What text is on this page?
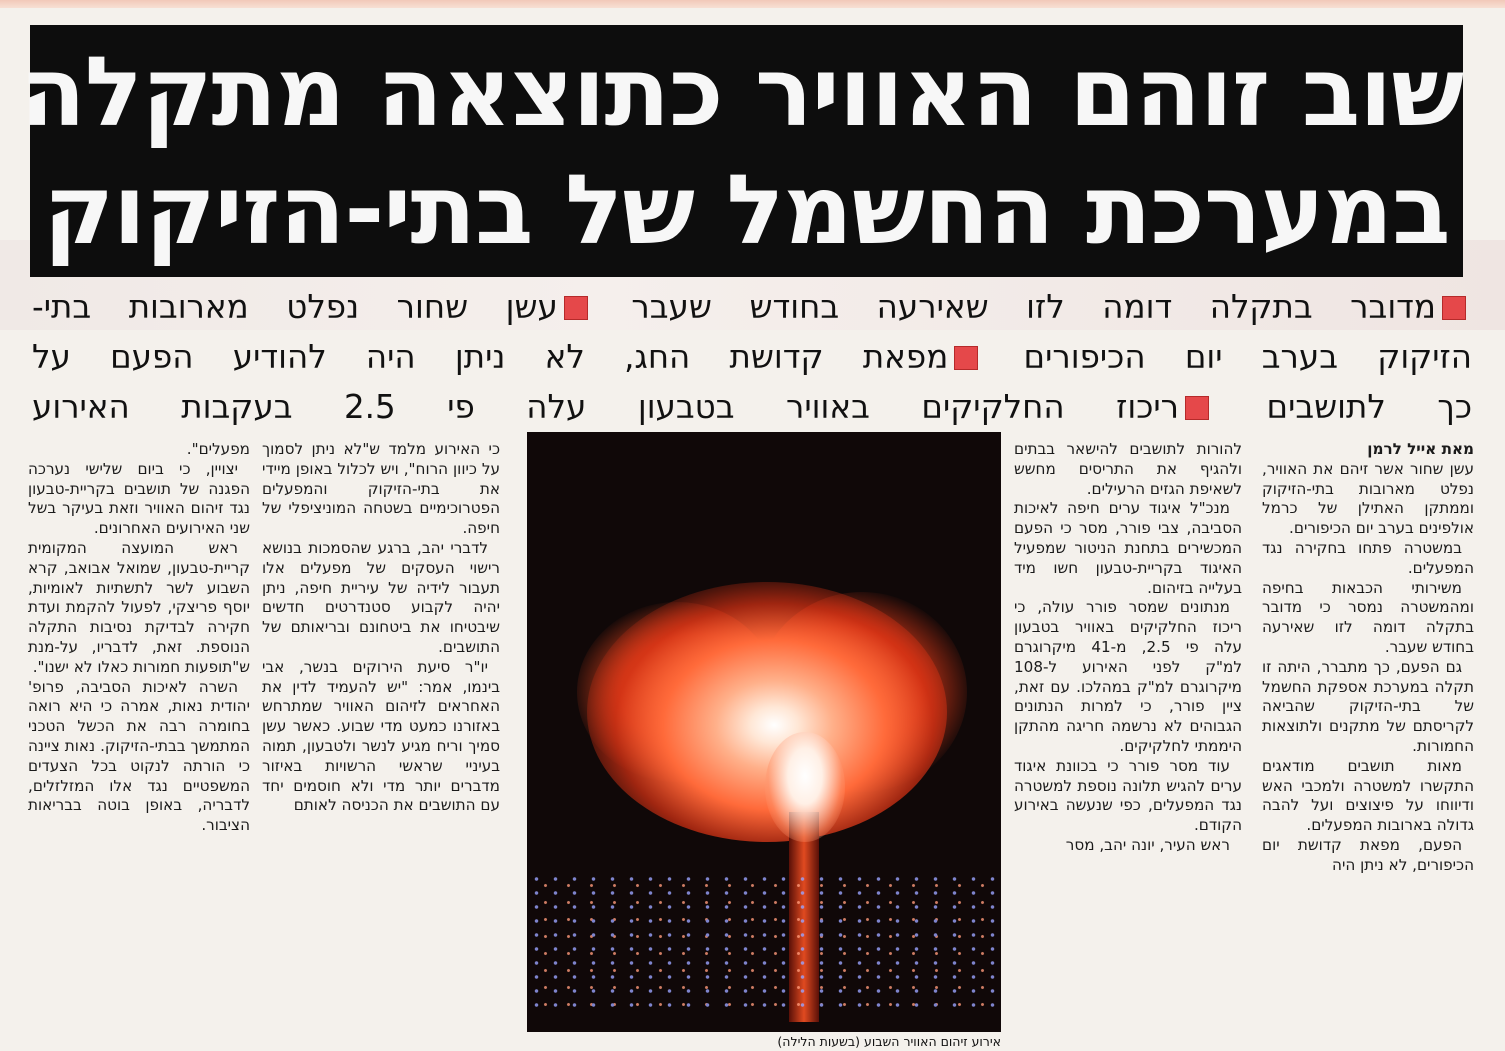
שוב זוהם האוויר כתוצאה מתקלה
במערכת החשמל של בתי-הזיקוק
מדובר בתקלה דומה לזו שאירעה בחודש שעבר עשן שחור נפלט מארובות בתי-
הזיקוק בערב יום הכיפורים מפאת קדושת החג, לא ניתן היה להודיע הפעם על
כך לתושבים ריכוז החלקיקים באוויר בטבעון עלה פי 2.5 בעקבות האירוע

מאת אייל לרמן

עשן שחור אשר זיהם את האוויר, נפלט מארובות בתי-הזיקוק וממתקן האתילן של כרמל אולפינים בערב יום הכיפורים.

במשטרה פתחו בחקירה נגד המפעלים.

משירותי הכבאות בחיפה ומהמשטרה נמסר כי מדובר בתקלה דומה לזו שאירעה בחודש שעבר.

גם הפעם, כך מתברר, היתה זו תקלה במערכת אספקת החשמל של בתי-הזיקוק שהביאה לקריסתם של מתקנים ולתוצאות החמורות.

מאות תושבים מודאגים התקשרו למשטרה ולמכבי האש ודיווחו על פיצוצים ועל להבה גדולה בארובות המפעלים.

הפעם, מפאת קדושת יום הכיפורים, לא ניתן היה

להורות לתושבים להישאר בבתים ולהגיף את התריסים מחשש לשאיפת הגזים הרעילים.

מנכ"ל איגוד ערים חיפה לאיכות הסביבה, צבי פורר, מסר כי הפעם המכשירים בתחנת הניטור שמפעיל האיגוד בקריית-טבעון חשו מיד בעלייה בזיהום.

מנתונים שמסר פורר עולה, כי ריכוז החלקיקים באוויר בטבעון עלה פי 2.5, מ-41 מיקרוגרם למ"ק לפני האירוע ל-108 מיקרוגרם למ"ק במהלכו. עם זאת, ציין פורר, כי למרות הנתונים הגבוהים לא נרשמה חריגה מהתקן היממתי לחלקיקים.

עוד מסר פורר כי בכוונת איגוד ערים להגיש תלונה נוספת למשטרה נגד המפעלים, כפי שנעשה באירוע הקודם.

ראש העיר, יונה יהב, מסר

אירוע זיהום האוויר השבוע (בשעות הלילה)

כי האירוע מלמד ש"לא ניתן לסמוך על כיוון הרוח", ויש לכלול באופן מיידי את בתי-הזיקוק והמפעלים הפטרוכימיים בשטחה המוניציפלי של חיפה.

לדברי יהב, ברגע שהסמכות בנושא רישוי העסקים של מפעלים אלו תעבור לידיה של עיריית חיפה, ניתן יהיה לקבוע סטנדרטים חדשים שיבטיחו את ביטחונם ובריאותם של התושבים.

יו"ר סיעת הירוקים בנשר, אבי בינמו, אמר: "יש להעמיד לדין את האחראים לזיהום האוויר שמתרחש באזורנו כמעט מדי שבוע. כאשר עשן סמיך וריח מגיע לנשר ולטבעון, תמוה בעיניי שראשי הרשויות באיזור מדברים יותר מדי ולא חוסמים יחד עם התושבים את הכניסה לאותם

מפעלים".

יצויין, כי ביום שלישי נערכה הפגנה של תושבים בקריית-טבעון נגד זיהום האוויר וזאת בעיקר בשל שני האירועים האחרונים.

ראש המועצה המקומית קריית-טבעון, שמואל אבואב, קרא השבוע לשר לתשתיות לאומיות, יוסף פריצקי, לפעול להקמת ועדת חקירה לבדיקת נסיבות התקלה הנוספת. זאת, לדבריו, על-מנת ש"תופעות חמורות כאלו לא ישנו".

השרה לאיכות הסביבה, פרופ' יהודית נאות, אמרה כי היא רואה בחומרה רבה את הכשל הטכני המתמשך בבתי-הזיקוק. נאות ציינה כי הורתה לנקוט בכל הצעדים המשפטיים נגד אלו המזלזלים, לדבריה, באופן בוטה בבריאות הציבור.
